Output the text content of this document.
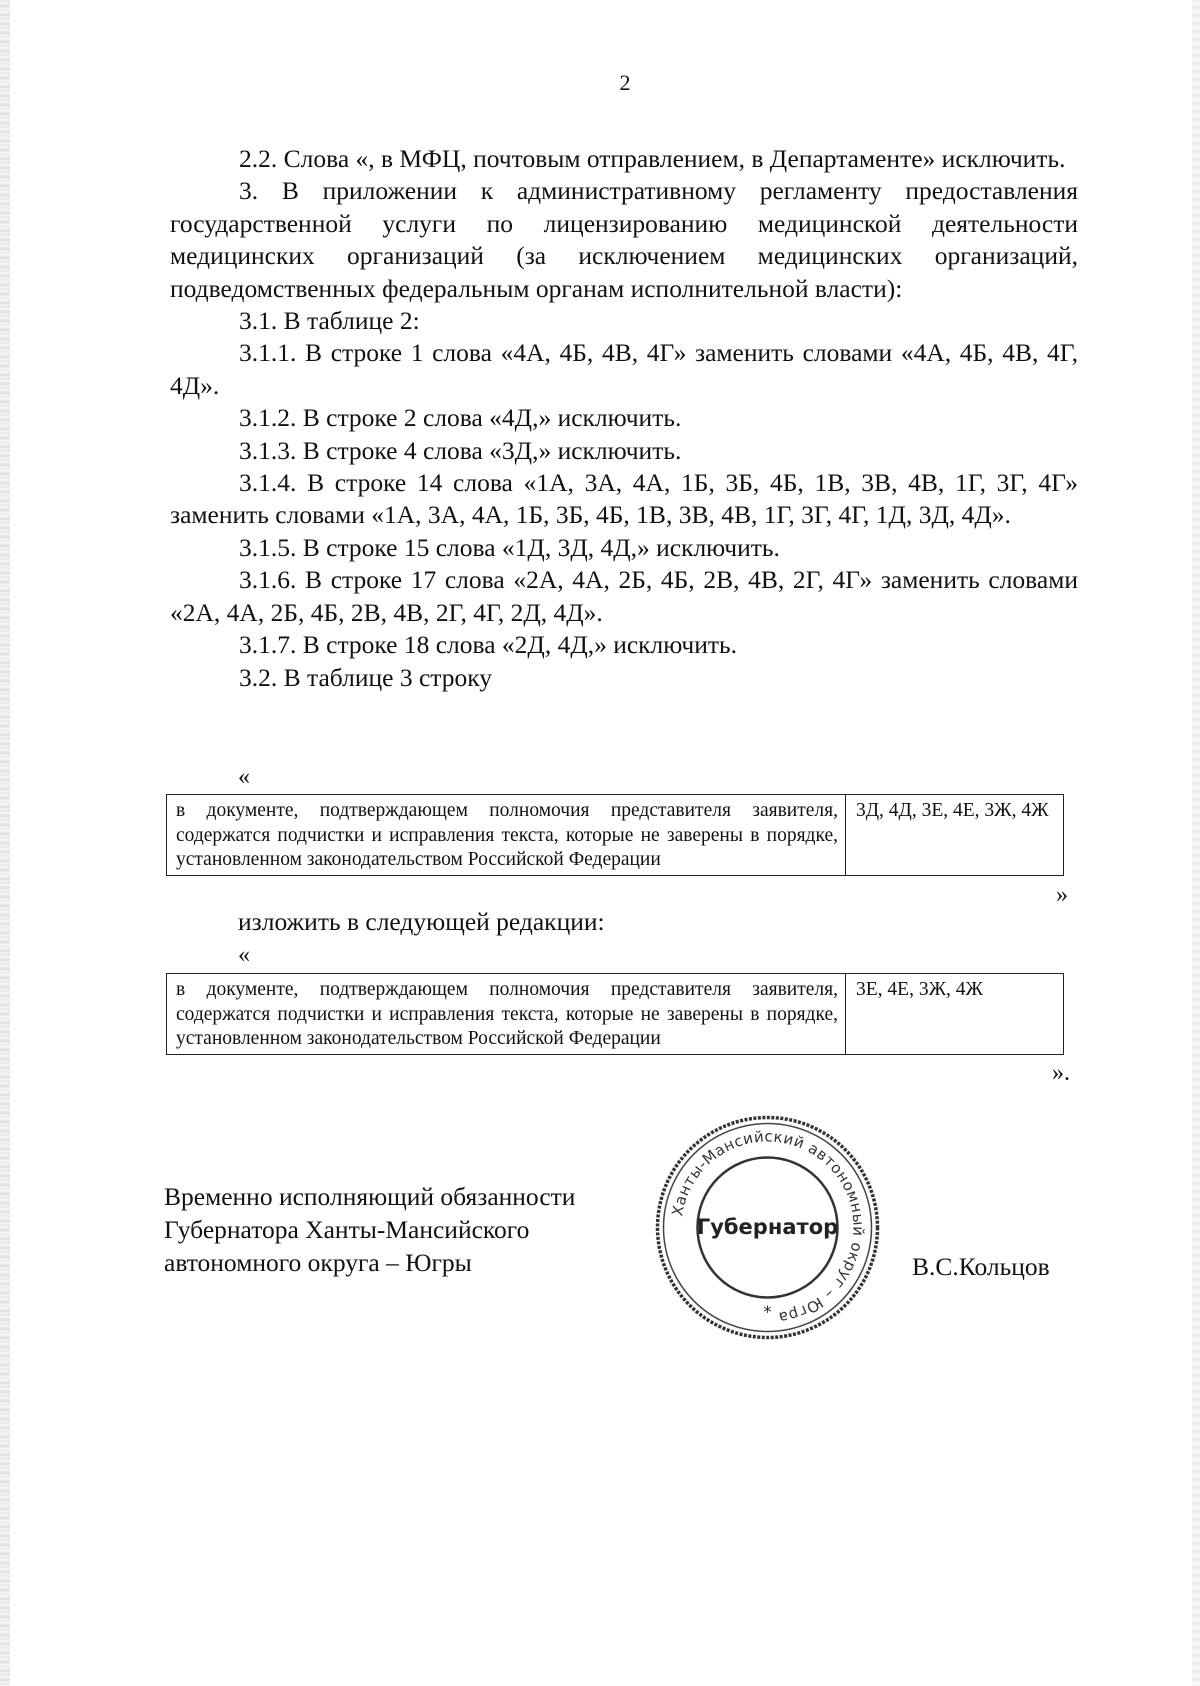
2

2.2. Слова «, в МФЦ, почтовым отправлением, в Департаменте» исключить.

3. В приложении к административному регламенту предоставления государственной услуги по лицензированию медицинской деятельности медицинских организаций (за исключением медицинских организаций, подведомственных федеральным органам исполнительной власти):

3.1. В таблице 2:

3.1.1. В строке 1 слова «4А, 4Б, 4В, 4Г» заменить словами «4А, 4Б, 4В, 4Г, 4Д».

3.1.2. В строке 2 слова «4Д,» исключить.

3.1.3. В строке 4 слова «3Д,» исключить.

3.1.4. В строке 14 слова «1А, 3А, 4А, 1Б, 3Б, 4Б, 1В, 3В, 4В, 1Г, 3Г, 4Г» заменить словами «1А, 3А, 4А, 1Б, 3Б, 4Б, 1В, 3В, 4В, 1Г, 3Г, 4Г, 1Д, 3Д, 4Д».

3.1.5. В строке 15 слова «1Д, 3Д, 4Д,» исключить.

3.1.6. В строке 17 слова «2А, 4А, 2Б, 4Б, 2В, 4В, 2Г, 4Г» заменить словами «2А, 4А, 2Б, 4Б, 2В, 4В, 2Г, 4Г, 2Д, 4Д».

3.1.7. В строке 18 слова «2Д, 4Д,» исключить.

3.2. В таблице 3 строку

«
в документе, подтверждающем полномочия представителя заявителя, содержатся подчистки и исправления текста, которые не заверены в порядке, установленном законодательством Российской Федерации	3Д, 4Д, 3Е, 4Е, 3Ж, 4Ж
»
изложить в следующей редакции:
«
в документе, подтверждающем полномочия представителя заявителя, содержатся подчистки и исправления текста, которые не заверены в порядке, установленном законодательством Российской Федерации	3Е, 4Е, 3Ж, 4Ж
».
Временно исполняющий обязанности
Губернатора Ханты-Мансийского
автономного округа – Югры
Ханты-Мансийский автономный округ – Югра
Губернатор
*
В.С.Кольцов
